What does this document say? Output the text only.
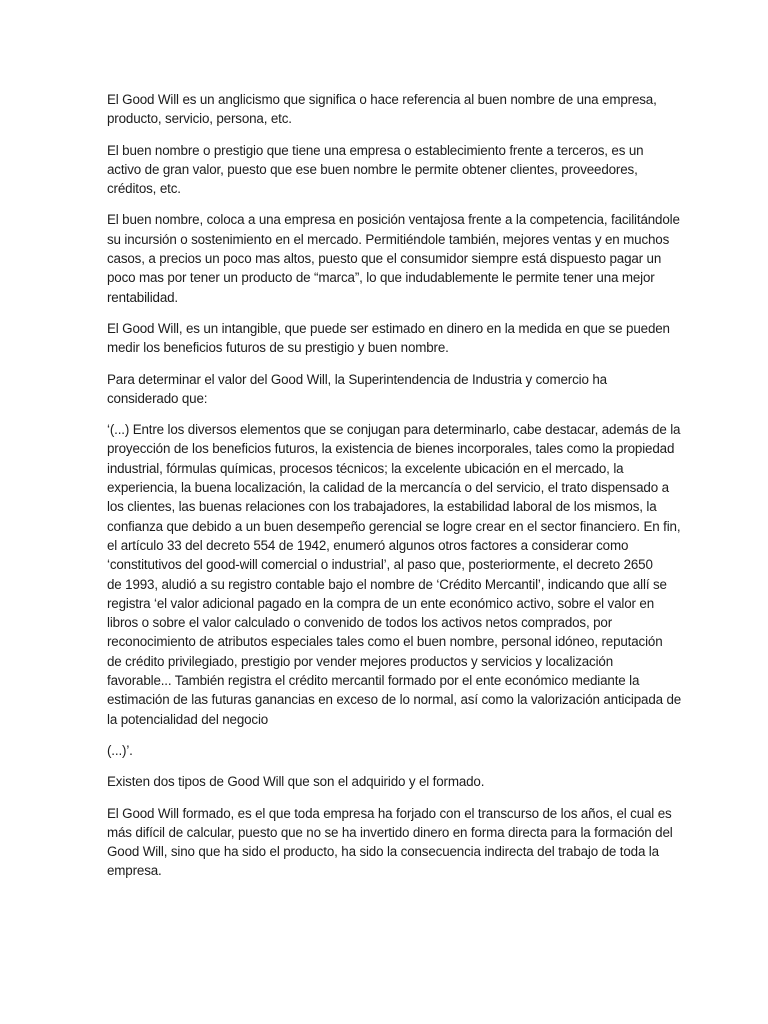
El Good Will es un anglicismo que significa o hace referencia al buen nombre de una empresa,
producto, servicio, persona, etc.

El buen nombre o prestigio que tiene una empresa o establecimiento frente a terceros, es un
activo de gran valor, puesto que ese buen nombre le permite obtener clientes, proveedores,
créditos, etc.

El buen nombre, coloca a una empresa en posición ventajosa frente a la competencia, facilitándole
su incursión o sostenimiento en el mercado. Permitiéndole también, mejores ventas y en muchos
casos, a precios un poco mas altos, puesto que el consumidor siempre está dispuesto pagar un
poco mas por tener un producto de “marca”, lo que indudablemente le permite tener una mejor
rentabilidad.

El Good Will, es un intangible, que puede ser estimado en dinero en la medida en que se pueden
medir los beneficios futuros de su prestigio y buen nombre.

Para determinar el valor del Good Will, la Superintendencia de Industria y comercio ha
considerado que:

‘(...) Entre los diversos elementos que se conjugan para determinarlo, cabe destacar, además de la
proyección de los beneficios futuros, la existencia de bienes incorporales, tales como la propiedad
industrial, fórmulas químicas, procesos técnicos; la excelente ubicación en el mercado, la
experiencia, la buena localización, la calidad de la mercancía o del servicio, el trato dispensado a
los clientes, las buenas relaciones con los trabajadores, la estabilidad laboral de los mismos, la
confianza que debido a un buen desempeño gerencial se logre crear en el sector financiero. En fin,
el artículo 33 del decreto 554 de 1942, enumeró algunos otros factores a considerar como
‘constitutivos del good-will comercial o industrial’, al paso que, posteriormente, el decreto 2650
de 1993, aludió a su registro contable bajo el nombre de ‘Crédito Mercantil’, indicando que allí se
registra ‘el valor adicional pagado en la compra de un ente económico activo, sobre el valor en
libros o sobre el valor calculado o convenido de todos los activos netos comprados, por
reconocimiento de atributos especiales tales como el buen nombre, personal idóneo, reputación
de crédito privilegiado, prestigio por vender mejores productos y servicios y localización
favorable... También registra el crédito mercantil formado por el ente económico mediante la
estimación de las futuras ganancias en exceso de lo normal, así como la valorización anticipada de
la potencialidad del negocio

(...)’.

Existen dos tipos de Good Will que son el adquirido y el formado.

El Good Will formado, es el que toda empresa ha forjado con el transcurso de los años, el cual es
más difícil de calcular, puesto que no se ha invertido dinero en forma directa para la formación del
Good Will, sino que ha sido el producto, ha sido la consecuencia indirecta del trabajo de toda la
empresa.
